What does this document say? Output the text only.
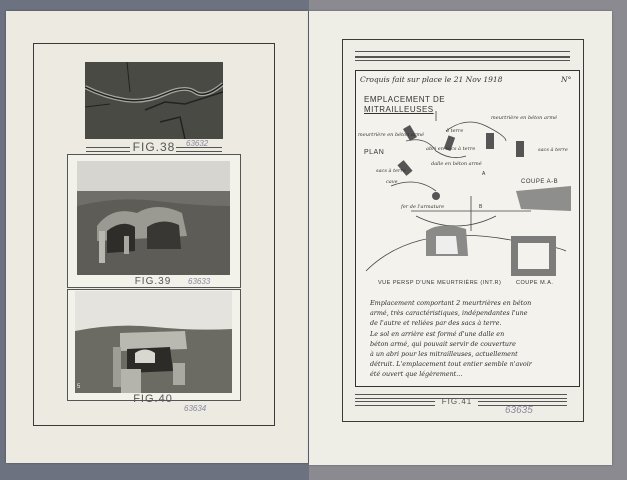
FIG.38 63632
FIG.39	63633
5
FIG.40
63634
Croquis fait sur place le 21 Nov 1918	N°
EMPLACEMENT DE
MITRAILLEUSES
meurtrière en béton armé
meurtrière en béton armé
à terre
abri en sacs à terre	sacs à terre
PLAN
dalle en béton armé
sacs à terre	A
cave	COUPE A-B
B
fer de l'armature
VUE PERSP D'UNE MEURTRIÈRE (INT.R)	COUPE M.A.
Emplacement comportant 2 meurtrières en béton
armé, très caractéristiques, indépendantes l'une
de l'autre et reliées par des sacs à terre.
Le sol en arrière est formé d'une dalle en
béton armé, qui pouvait servir de couverture
à un abri pour les mitrailleuses, actuellement
détruit. L'emplacement tout entier semble n'avoir
été ouvert que légèrement...
FIG.41
63635
